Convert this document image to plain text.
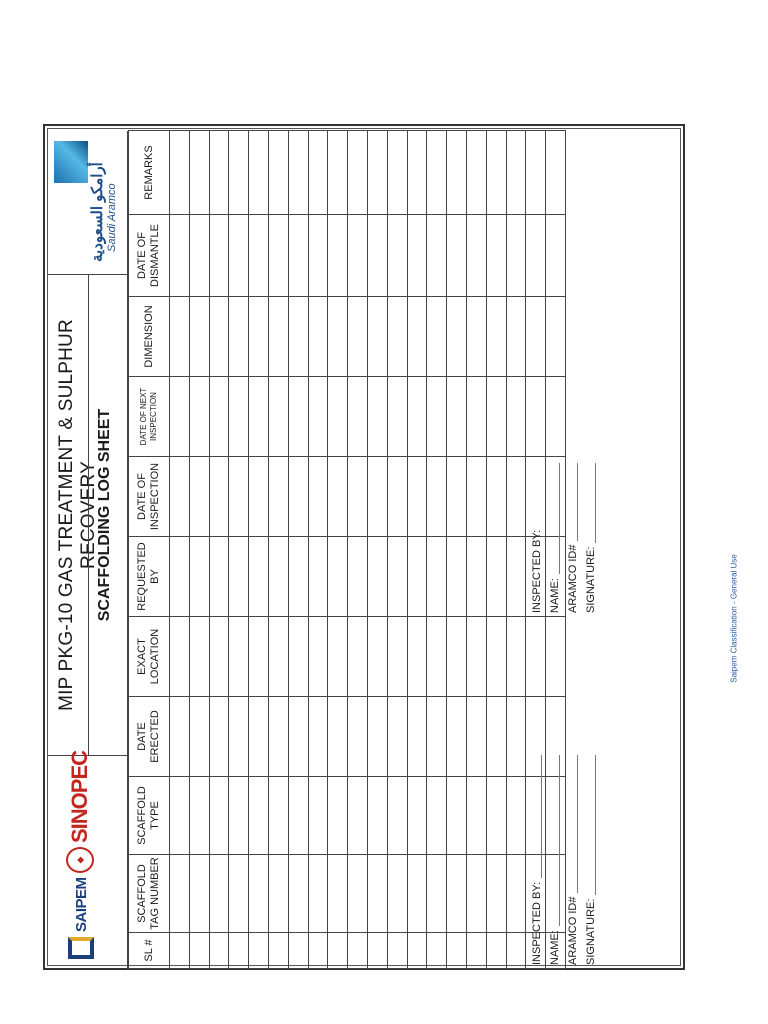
SAIPEM
◆
SINOPEC
MIP PKG-10 GAS TREATMENT & SULPHUR RECOVERY
SCAFFOLDING LOG SHEET
أرامكو السعودية Saudi Aramco
SL #	SCAFFOLD TAG NUMBER	SCAFFOLD TYPE	DATE ERECTED	EXACT LOCATION	REQUESTED BY	DATE OF INSPECTION	DATE OF NEXT INSPECTION	DIMENSION	DATE OF DISMANTLE	REMARKS

INSPECTED BY: NAME: ARAMCO ID# SIGNATURE:
INSPECTED BY: NAME: ARAMCO ID# SIGNATURE:	Saipem Classification - General Use
